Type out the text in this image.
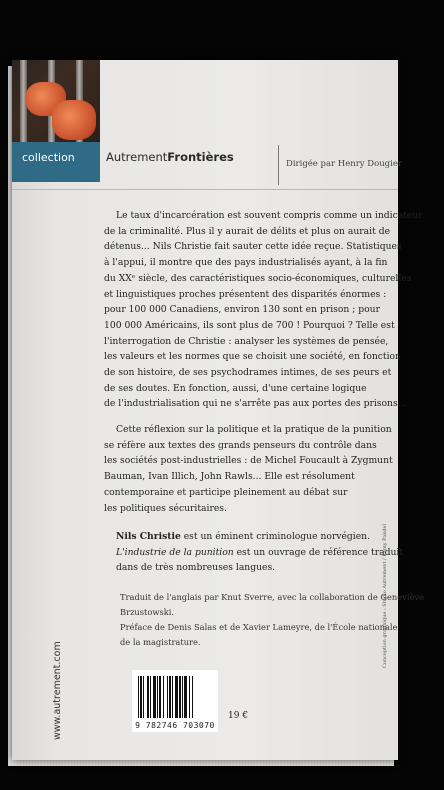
collection	AutrementFrontières	Dirigée par Henry Dougier
Le taux d'incarcération est souvent compris comme un indicateur
de la criminalité. Plus il y aurait de délits et plus on aurait de
détenus... Nils Christie fait sauter cette idée reçue. Statistiques
à l'appui, il montre que des pays industrialisés ayant, à la fin
du XXᵉ siècle, des caractéristiques socio-économiques, culturelles
et linguistiques proches présentent des disparités énormes :
pour 100 000 Canadiens, environ 130 sont en prison ; pour
100 000 Américains, ils sont plus de 700 ! Pourquoi ? Telle est
l'interrogation de Christie : analyser les systèmes de pensée,
les valeurs et les normes que se choisit une société, en fonction
de son histoire, de ses psychodrames intimes, de ses peurs et
de ses doutes. En fonction, aussi, d'une certaine logique
de l'industrialisation qui ne s'arrête pas aux portes des prisons...
Cette réflexion sur la politique et la pratique de la punition
se réfère aux textes des grands penseurs du contrôle dans
les sociétés post-industrielles : de Michel Foucault à Zygmunt
Bauman, Ivan Illich, John Rawls... Elle est résolument
contemporaine et participe pleinement au débat sur
les politiques sécuritaires.
Nils Christie est un éminent criminologue norvégien.
L'industrie de la punition est un ouvrage de référence traduit
dans de très nombreuses langues.
Traduit de l'anglais par Knut Sverre, avec la collaboration de Geneviève
Brzustowski.
Préface de Denis Salas et de Xavier Lameyre, de l'École nationale
de la magistrature.
www.autrement.com
Conception graphique : Studio Autrement / Kamy Pakdel
9 782746 703070
19 €
